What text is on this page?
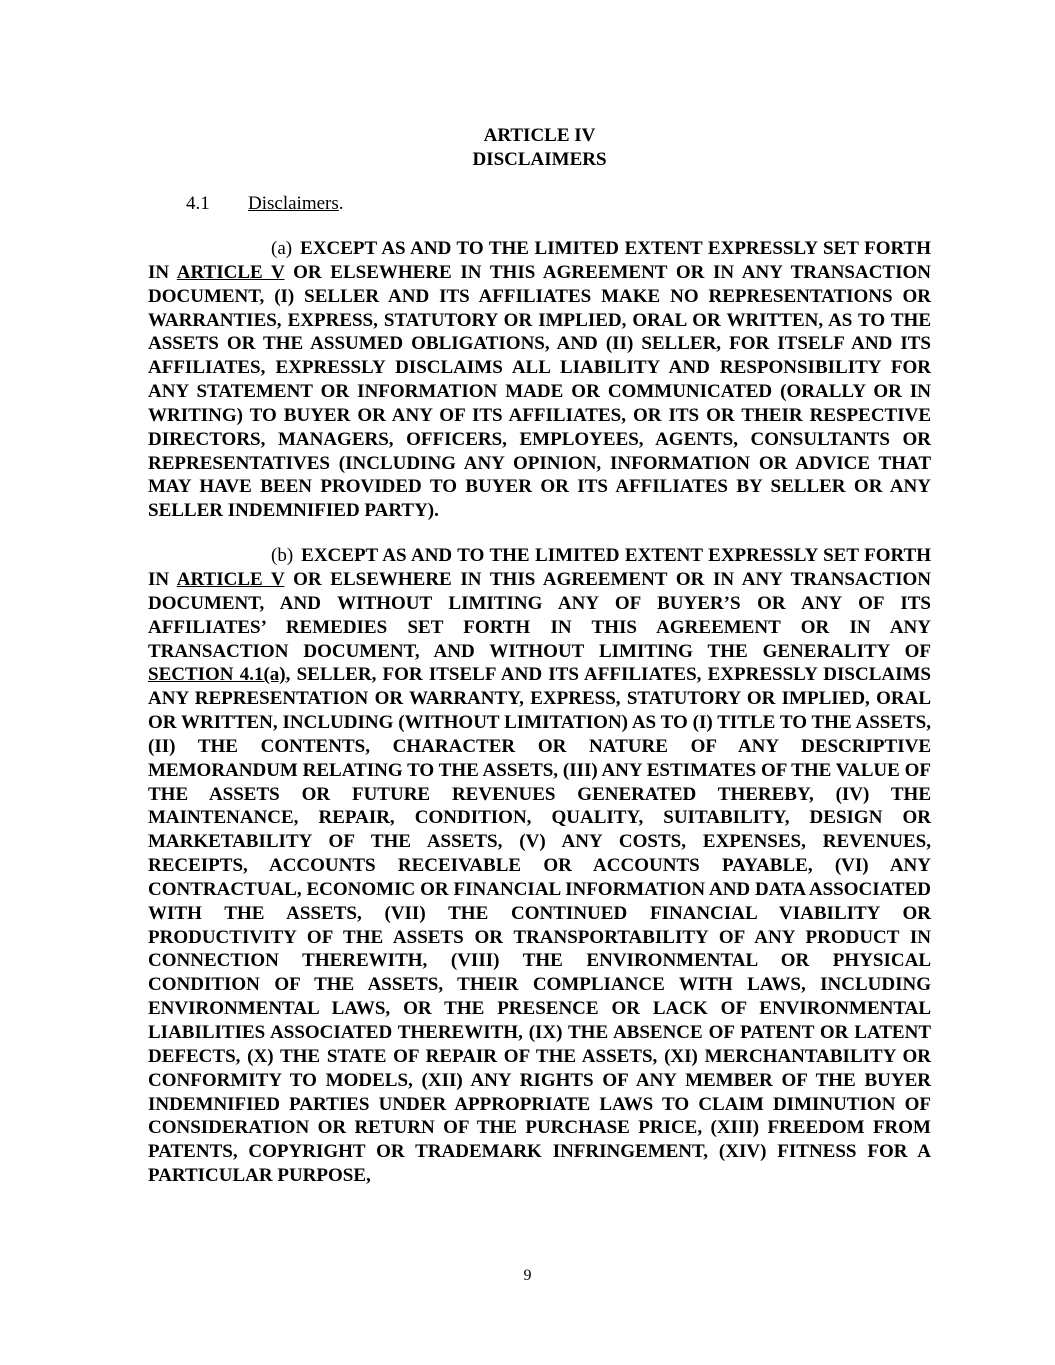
ARTICLE IV

DISCLAIMERS

4.1 Disclaimers.

(a) EXCEPT AS AND TO THE LIMITED EXTENT EXPRESSLY SET FORTH IN ARTICLE V OR ELSEWHERE IN THIS AGREEMENT OR IN ANY TRANSACTION DOCUMENT, (I) SELLER AND ITS AFFILIATES MAKE NO REPRESENTATIONS OR WARRANTIES, EXPRESS, STATUTORY OR IMPLIED, ORAL OR WRITTEN, AS TO THE ASSETS OR THE ASSUMED OBLIGATIONS, AND (II) SELLER, FOR ITSELF AND ITS AFFILIATES, EXPRESSLY DISCLAIMS ALL LIABILITY AND RESPONSIBILITY FOR ANY STATEMENT OR INFORMATION MADE OR COMMUNICATED (ORALLY OR IN WRITING) TO BUYER OR ANY OF ITS AFFILIATES, OR ITS OR THEIR RESPECTIVE DIRECTORS, MANAGERS, OFFICERS, EMPLOYEES, AGENTS, CONSULTANTS OR REPRESENTATIVES (INCLUDING ANY OPINION, INFORMATION OR ADVICE THAT MAY HAVE BEEN PROVIDED TO BUYER OR ITS AFFILIATES BY SELLER OR ANY SELLER INDEMNIFIED PARTY).

(b) EXCEPT AS AND TO THE LIMITED EXTENT EXPRESSLY SET FORTH IN ARTICLE V OR ELSEWHERE IN THIS AGREEMENT OR IN ANY TRANSACTION DOCUMENT, AND WITHOUT LIMITING ANY OF BUYER’S OR ANY OF ITS AFFILIATES’ REMEDIES SET FORTH IN THIS AGREEMENT OR IN ANY TRANSACTION DOCUMENT, AND WITHOUT LIMITING THE GENERALITY OF SECTION 4.1(a), SELLER, FOR ITSELF AND ITS AFFILIATES, EXPRESSLY DISCLAIMS ANY REPRESENTATION OR WARRANTY, EXPRESS, STATUTORY OR IMPLIED, ORAL OR WRITTEN, INCLUDING (WITHOUT LIMITATION) AS TO (I) TITLE TO THE ASSETS, (II) THE CONTENTS, CHARACTER OR NATURE OF ANY DESCRIPTIVE MEMORANDUM RELATING TO THE ASSETS, (III) ANY ESTIMATES OF THE VALUE OF THE ASSETS OR FUTURE REVENUES GENERATED THEREBY, (IV) THE MAINTENANCE, REPAIR, CONDITION, QUALITY, SUITABILITY, DESIGN OR MARKETABILITY OF THE ASSETS, (V) ANY COSTS, EXPENSES, REVENUES, RECEIPTS, ACCOUNTS RECEIVABLE OR ACCOUNTS PAYABLE, (VI) ANY CONTRACTUAL, ECONOMIC OR FINANCIAL INFORMATION AND DATA ASSOCIATED WITH THE ASSETS, (VII) THE CONTINUED FINANCIAL VIABILITY OR PRODUCTIVITY OF THE ASSETS OR TRANSPORTABILITY OF ANY PRODUCT IN CONNECTION THEREWITH, (VIII) THE ENVIRONMENTAL OR PHYSICAL CONDITION OF THE ASSETS, THEIR COMPLIANCE WITH LAWS, INCLUDING ENVIRONMENTAL LAWS, OR THE PRESENCE OR LACK OF ENVIRONMENTAL LIABILITIES ASSOCIATED THEREWITH, (IX) THE ABSENCE OF PATENT OR LATENT DEFECTS, (X) THE STATE OF REPAIR OF THE ASSETS, (XI) MERCHANTABILITY OR CONFORMITY TO MODELS, (XII) ANY RIGHTS OF ANY MEMBER OF THE BUYER INDEMNIFIED PARTIES UNDER APPROPRIATE LAWS TO CLAIM DIMINUTION OF CONSIDERATION OR RETURN OF THE PURCHASE PRICE, (XIII) FREEDOM FROM PATENTS, COPYRIGHT OR TRADEMARK INFRINGEMENT, (XIV) FITNESS FOR A PARTICULAR PURPOSE,

9
